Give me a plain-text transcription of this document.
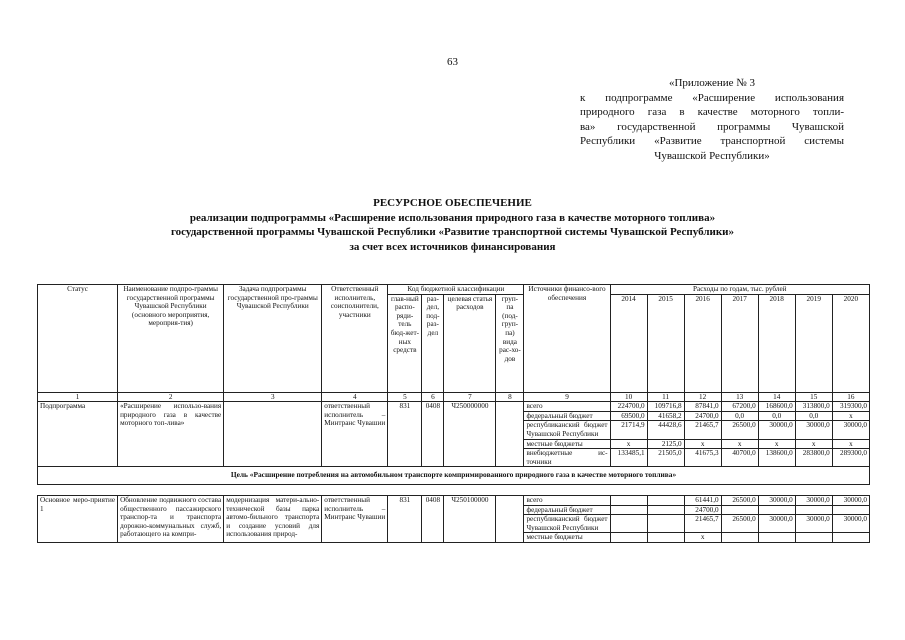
63
«Приложение № 3
к подпрограмме «Расширение использования
природного газа в качестве моторного топли-
ва» государственной программы Чувашской
Республики «Развитие транспортной системы
Чувашской Республики»
РЕСУРСНОЕ ОБЕСПЕЧЕНИЕ
реализации подпрограммы «Расширение использования природного газа в качестве моторного топлива»
государственной программы Чувашской Республики «Развитие транспортной системы Чувашской Республики»
за счет всех источников финансирования
Статус	Наименование подпро-граммы государственной программы Чувашской Республики (основного мероприятия, мероприя-тия)	Задача подпрограммы государственной про-граммы Чувашской Республики	Ответственный исполнитель, соисполнители, участники	Код бюджетной классификации				Источники финансо-вого обеспечения	Расходы по годам, тыс. рублей						
				глав-ный распо-ряди-тель бюд-жет-ных средств	раз-дел, под-раз-дел	целевая статья расходов	груп-па (под-груп-па) вида рас-хо-дов		2014	2015	2016	2017	2018	2019	2020
1	2	3	4	5	6	7	8	9	10	11	12	13	14	15	16
Подпрограмма	«Расширение использо-вания природного газа в качестве моторного топ-лива»		ответственный исполнитель – Минтранс Чувашии	831	0408	Ч250000000		всего	224700,0	109716,8	87841,0	67200,0	168600,0	313800,0	319300,0
								федеральный бюджет	69500,0	41658,2	24700,0	0,0	0,0	0,0	х
								республиканский бюджет Чувашской Республики	21714,9	44428,6	21465,7	26500,0	30000,0	30000,0	30000,0
								местные бюджеты	х	2125,0	х	х	х	х	х
								внебюджетные ис-точники	133485,1	21505,0	41675,3	40700,0	138600,0	283800,0	289300,0
Цель «Расширение потребления на автомобильном транспорте компримированного природного газа в качестве моторного топлива»															

Основное меро-приятие 1	Обновление подвижного состава общественного пассажирского транспор-та и транспорта дорожно-коммунальных служб, работающего на компри-	модернизация матери-ально-технической базы парка автомо-бильного транспорта и создание условий для использования природ-	ответственный исполнитель – Минтранс Чувашии	831	0408	Ч250100000		всего			61441,0	26500,0	30000,0	30000,0	30000,0
								федеральный бюджет			24700,0				
								республиканский бюджет Чувашской Республики			21465,7	26500,0	30000,0	30000,0	30000,0
								местные бюджеты			х				
